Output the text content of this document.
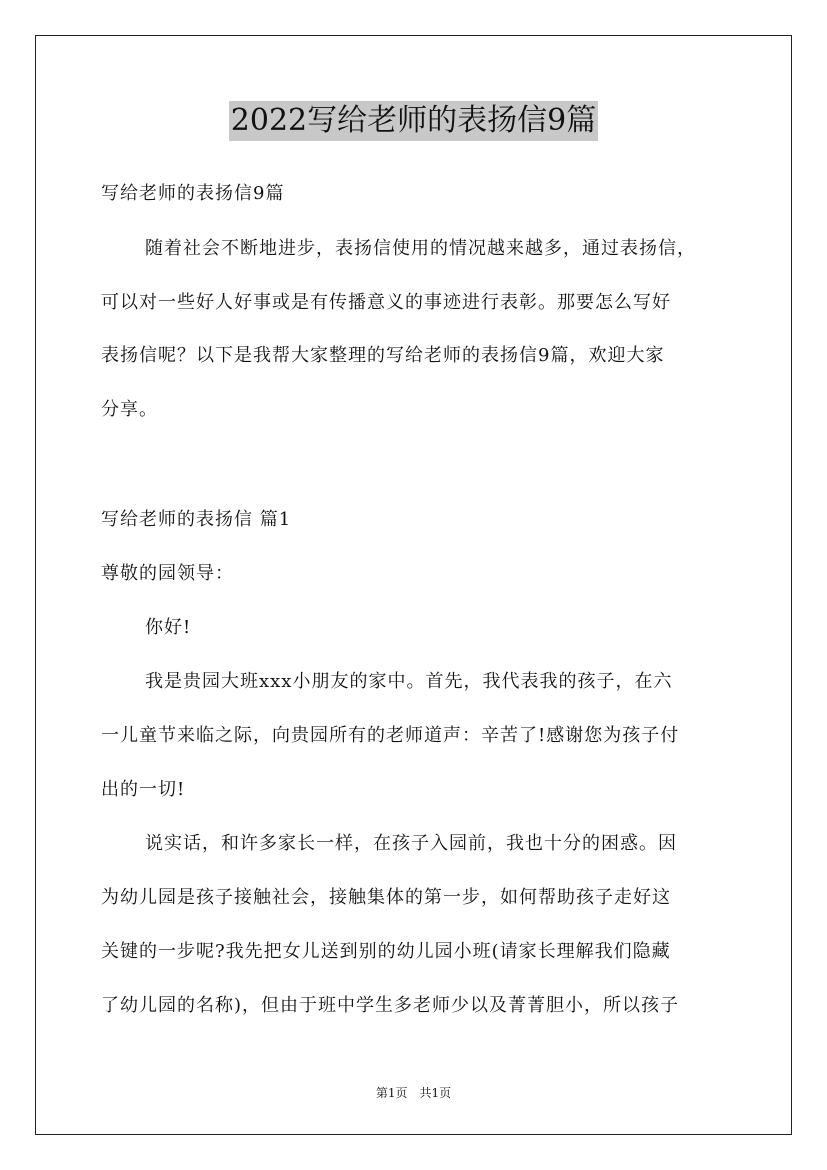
2022写给老师的表扬信9篇
写给老师的表扬信9篇
随着社会不断地进步，表扬信使用的情况越来越多，通过表扬信，
可以对一些好人好事或是有传播意义的事迹进行表彰。那要怎么写好
表扬信呢？以下是我帮大家整理的写给老师的表扬信9篇，欢迎大家
分享。
写给老师的表扬信 篇1
尊敬的园领导：
你好!
我是贵园大班xxx小朋友的家中。首先，我代表我的孩子，在六
一儿童节来临之际，向贵园所有的老师道声：辛苦了!感谢您为孩子付
出的一切!
说实话，和许多家长一样，在孩子入园前，我也十分的困惑。因
为幼儿园是孩子接触社会，接触集体的第一步，如何帮助孩子走好这
关键的一步呢?我先把女儿送到别的幼儿园小班(请家长理解我们隐藏
了幼儿园的名称)，但由于班中学生多老师少以及菁菁胆小，所以孩子
第1页　共1页
